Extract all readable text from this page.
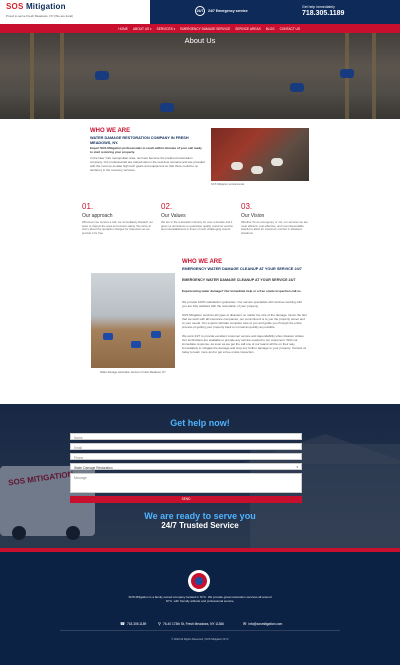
SOS Mitigation
Proud to serve Fresh Meadows, NY (We are local)
24/7	24/7 Emergency service
Get help immediately
718.305.1189
HOME ABOUT US ▾ SERVICES ▾ EMERGENCY DAMAGE SERVICE SERVICE AREAS BLOG CONTACT US
About Us
WHO WE ARE
WATER DAMAGE RESTORATION COMPANY IN FRESH MEADOWS, NY.
Expert SOS Mitigation professionals to reach within minutes of your call ready to start restoring your property.
In the New York metropolitan area, we have become the preferred restoration company. Our professionals are trained also in the real-time scenario and are provided with the most up-to-date high tech gears and equipment so that there could be no tendency in the recovery services.
SOS Mitigation professionals
01.
Our approach
Whenever we receive a call, we immediately dispatch our team to inspect the area and ensure safety. We strive to worry about the quotation charges for inspection as we provide it for free.
02.
Our Values
We are in the restoration industry for over a decade and it gives us dominance to guarantee quality customer service and relocatableness in times of such challenging events.
03.
Our Vision
Whether it's an emergency or not, our services we are most efficient, cost-effective, and most dependable. Helpful to allow for maximum comfort in disasters situations.
Water damage restoration service in Fresh Meadows, NY
WHO WE ARE
EMERGENCY WATER DAMAGE CLEANUP AT YOUR SERVICE 24/7
EMERGENCY WATER DAMAGE CLEANUP AT YOUR SERVICE 24/7
Experiencing water damage? Our immediate help or a free onsite inspection call us.
We provide 100% satisfaction guarantee. Our service specialists will continue working with you are fully satisfied with the restoration of your property.
SOS Mitigation services all types of disasters no matter the size of the damage. Given the fact that we work with all insurance companies, our commitment is to you the property owner and to your needs. Our experts will take complete care of you and guide you through the entire process of getting your property back to normal as quickly as possible.
We work 24/7 to provide excellent customer service and dependability when disaster strikes. Our technicians are available to provide any service needed to our customers. With our immediate response, as soon as we get the call one of our teams will be on their way immediately to mitigate the damage and stop any further damage to your property. Contact us today to learn more and to get a free onsite inspection.
Get help now!
Name
Email
Phone
Water Damage Restoration	▾
Message
SEND
We are ready to serve you
24/7 Trusted Service
SOS Mitigation is a family owned company located in NYC. We provide great restoration services all around NYC, with friendly attitude and professional service.
☎ 718.305.1189	⚲ 76-40 173th St, Fresh Meadows, NY 11366	✉ info@sosmitigation.com
© 2020 All Rights Reserved | SOS Mitigation NYC
